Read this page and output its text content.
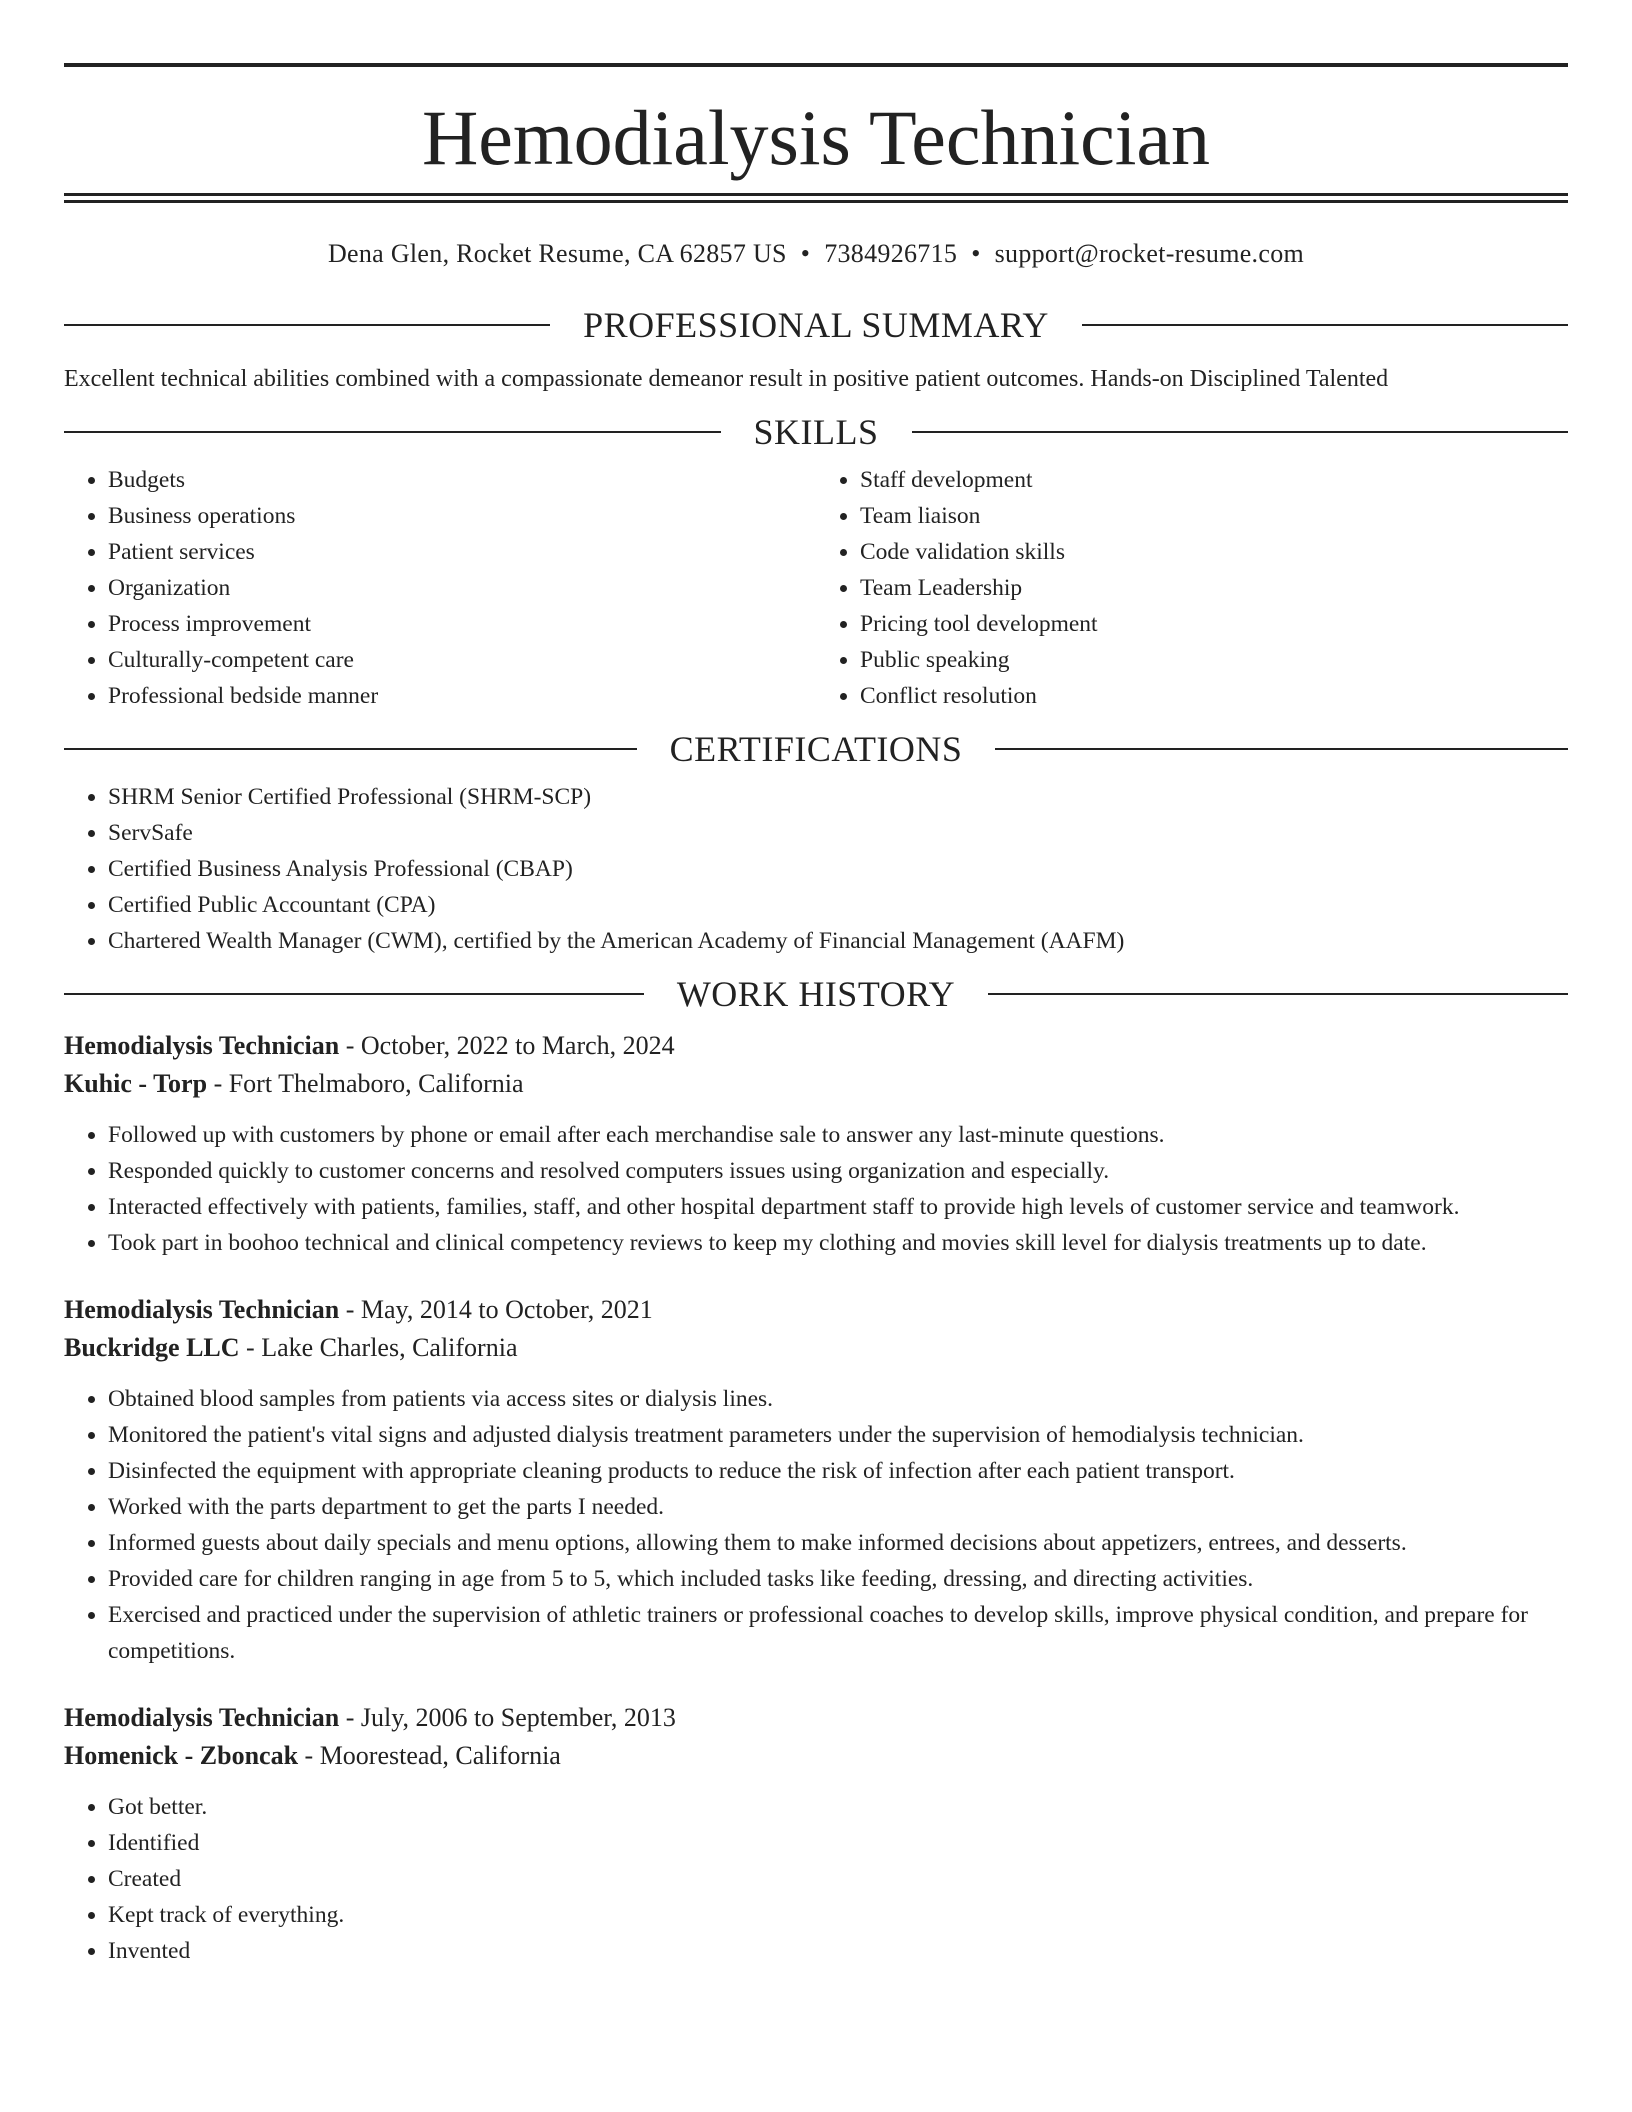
Hemodialysis Technician
Dena Glen, Rocket Resume, CA 62857 US • 7384926715 • support@rocket-resume.com
PROFESSIONAL SUMMARY

Excellent technical abilities combined with a compassionate demeanor result in positive patient outcomes. Hands-on Disciplined Talented

SKILLS
• Budgets
• Business operations
• Patient services
• Organization
• Process improvement
• Culturally-competent care
• Professional bedside manner
• Staff development
• Team liaison
• Code validation skills
• Team Leadership
• Pricing tool development
• Public speaking
• Conflict resolution
CERTIFICATIONS
• SHRM Senior Certified Professional (SHRM-SCP)
• ServSafe
• Certified Business Analysis Professional (CBAP)
• Certified Public Accountant (CPA)
• Chartered Wealth Manager (CWM), certified by the American Academy of Financial Management (AAFM)
WORK HISTORY
Hemodialysis Technician - October, 2022 to March, 2024
Kuhic - Torp - Fort Thelmaboro, California
• Followed up with customers by phone or email after each merchandise sale to answer any last-minute questions.
• Responded quickly to customer concerns and resolved computers issues using organization and especially.
• Interacted effectively with patients, families, staff, and other hospital department staff to provide high levels of customer service and teamwork.
• Took part in boohoo technical and clinical competency reviews to keep my clothing and movies skill level for dialysis treatments up to date.
Hemodialysis Technician - May, 2014 to October, 2021
Buckridge LLC - Lake Charles, California
• Obtained blood samples from patients via access sites or dialysis lines.
• Monitored the patient's vital signs and adjusted dialysis treatment parameters under the supervision of hemodialysis technician.
• Disinfected the equipment with appropriate cleaning products to reduce the risk of infection after each patient transport.
• Worked with the parts department to get the parts I needed.
• Informed guests about daily specials and menu options, allowing them to make informed decisions about appetizers, entrees, and desserts.
• Provided care for children ranging in age from 5 to 5, which included tasks like feeding, dressing, and directing activities.
• Exercised and practiced under the supervision of athletic trainers or professional coaches to develop skills, improve physical condition, and prepare for competitions.
Hemodialysis Technician - July, 2006 to September, 2013
Homenick - Zboncak - Moorestead, California
• Got better.
• Identified
• Created
• Kept track of everything.
• Invented
